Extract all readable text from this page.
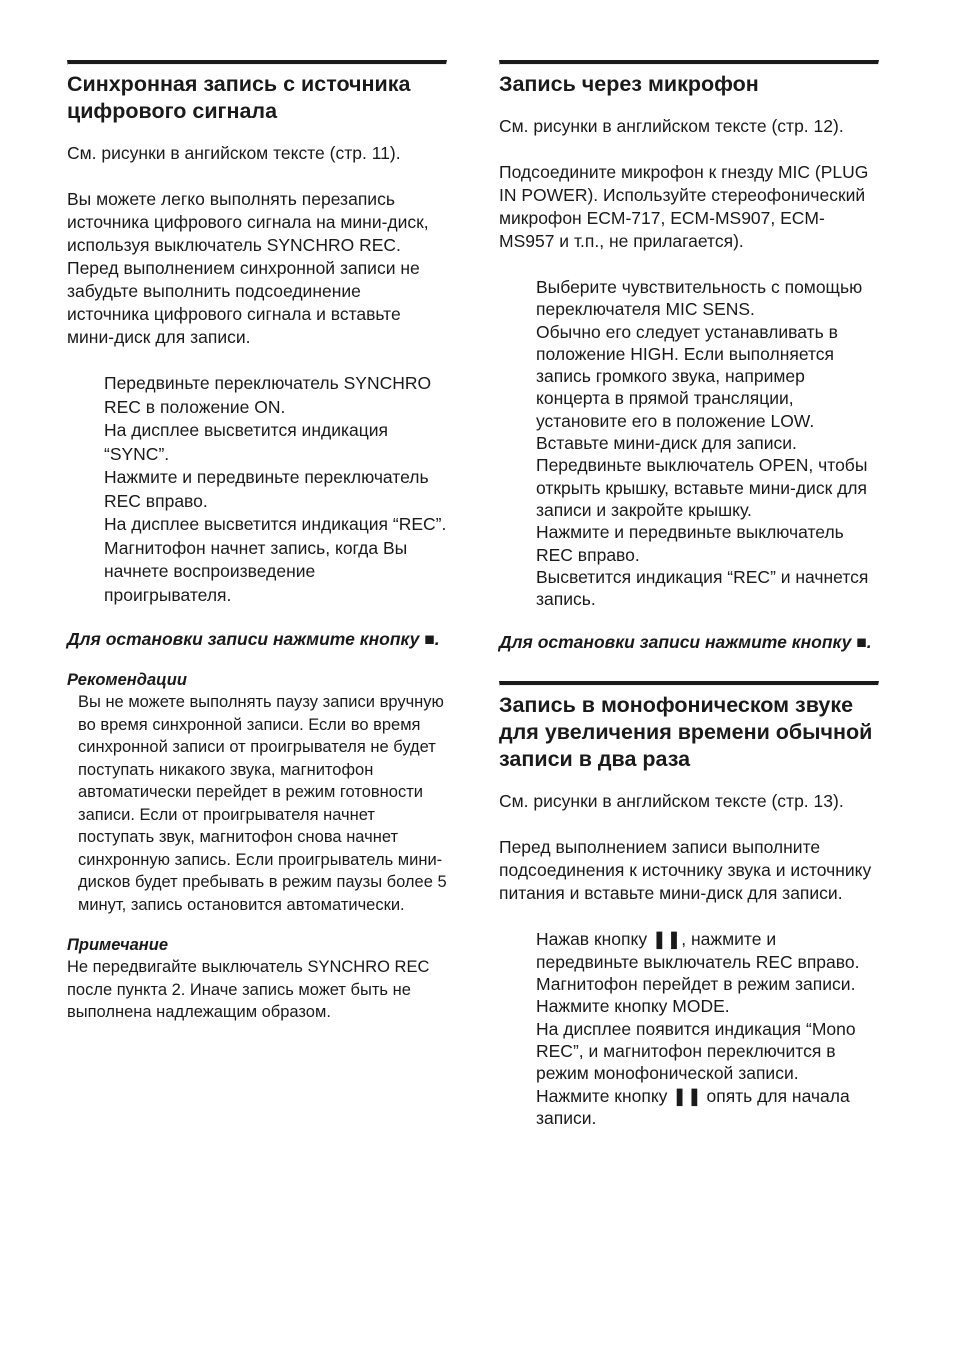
Синхронная запись с источника цифрового сигнала

См. рисунки в ангийском тексте (стр. 11).

Вы можете легко выполнять перезапись источника цифрового сигнала на мини-диск, используя выключатель SYNCHRO REC.

Перед выполнением синхронной записи не забудьте выполнить подсоединение источника цифрового сигнала и вставьте мини-диск для записи.

Передвиньте переключатель SYNCHRO REC в положение ON.

На дисплее высветится индикация “SYNC”.

Нажмите и передвиньте переключатель REC вправо.

На дисплее высветится индикация “REC”.

Магнитофон начнет запись, когда Вы начнете воспроизведение проигрывателя.

Для остановки записи нажмите кнопку ■.

Рекомендации

Вы не можете выполнять паузу записи вручную во время синхронной записи. Если во время синхронной записи от проигрывателя не будет поступать никакого звука, магнитофон автоматически перейдет в режим готовности записи. Если от проигрывателя начнет поступать звук, магнитофон снова начнет синхронную запись. Если проигрыватель мини-дисков будет пребывать в режим паузы более 5 минут, запись остановится автоматически.

Примечание

Не передвигайте выключатель SYNCHRO REC после пункта 2. Иначе запись может быть не выполнена надлежащим образом.

Запись через микрофон

См. рисунки в английском тексте (стр. 12).

Подсоедините микрофон к гнезду MIC (PLUG IN POWER). Используйте стереофонический микрофон ECM-717, ECM-MS907, ECM-MS957 и т.п., не прилагается).

Выберите чувствительность с помощью переключателя MIC SENS.

Обычно его следует устанавливать в положение HIGH. Если выполняется запись громкого звука, например концерта в прямой трансляции, установите его в положение LOW.

Вставьте мини-диск для записи.

Передвиньте выключатель OPEN, чтобы открыть крышку, вставьте мини-диск для записи и закройте крышку.

Нажмите и передвиньте выключатель REC вправо.

Высветится индикация “REC” и начнется запись.

Для остановки записи нажмите кнопку ■.

Запись в монофоническом звуке для увеличения времени обычной записи в два раза

См. рисунки в английском тексте (стр. 13).

Перед выполнением записи выполните подсоединения к источнику звука и источнику питания и вставьте мини-диск для записи.

Нажав кнопку ❚❚, нажмите и передвиньте выключатель REC вправо.

Магнитофон перейдет в режим записи.

Нажмите кнопку MODE.

На дисплее появится индикация “Mono REC”, и магнитофон переключится в режим монофонической записи.

Нажмите кнопку ❚❚ опять для начала записи.
